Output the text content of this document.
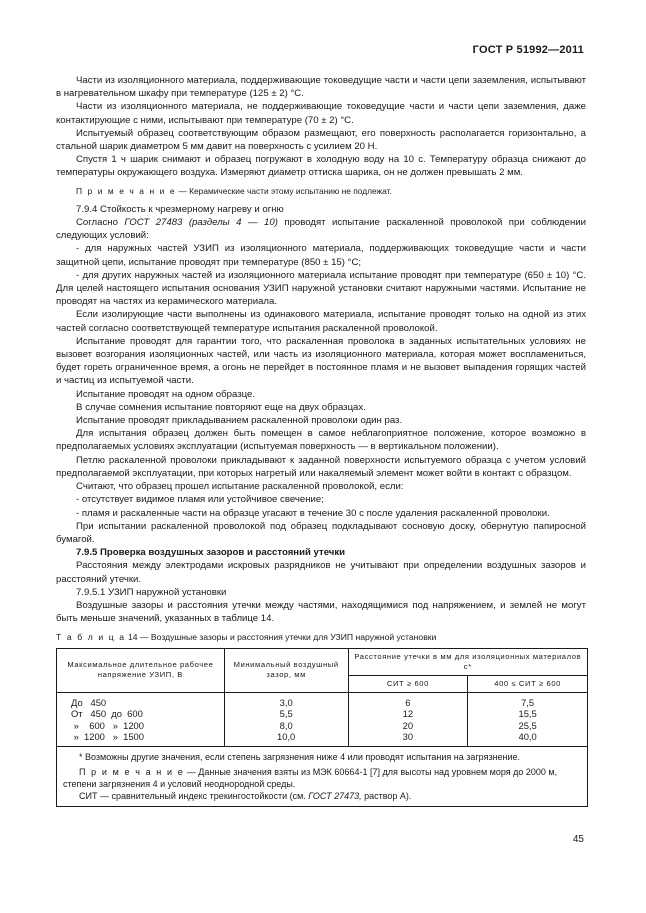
ГОСТ Р 51992—2011

Части из изоляционного материала, поддерживающие токоведущие части и части цепи заземления, испытывают в нагревательном шкафу при температуре (125 ± 2) °С.

Части из изоляционного материала, не поддерживающие токоведущие части и части цепи заземления, даже контактирующие с ними, испытывают при температуре (70 ± 2) °С.

Испытуемый образец соответствующим образом размещают, его поверхность располагается горизонтально, а стальной шарик диаметром 5 мм давит на поверхность с усилием 20 Н.

Спустя 1 ч шарик снимают и образец погружают в холодную воду на 10 с. Температуру образца снижают до температуры окружающего воздуха. Измеряют диаметр оттиска шарика, он не должен превышать 2 мм.

П р и м е ч а н и е — Керамические части этому испытанию не подлежат.

7.9.4 Стойкость к чрезмерному нагреву и огню

Согласно ГОСТ 27483 (разделы 4 — 10) проводят испытание раскаленной проволокой при соблюдении следующих условий:

- для наружных частей УЗИП из изоляционного материала, поддерживающих токоведущие части и части защитной цепи, испытание проводят при температуре (850 ± 15) °С;

- для других наружных частей из изоляционного материала испытание проводят при температуре (650 ± 10) °С. Для целей настоящего испытания основания УЗИП наружной установки считают наружными частями. Испытание не проводят на частях из керамического материала.

Если изолирующие части выполнены из одинакового материала, испытание проводят только на одной из этих частей согласно соответствующей температуре испытания раскаленной проволокой.

Испытание проводят для гарантии того, что раскаленная проволока в заданных испытательных условиях не вызовет возгорания изоляционных частей, или часть из изоляционного материала, которая может воспламениться, будет гореть ограниченное время, а огонь не перейдет в постоянное пламя и не вызовет выпадения горящих частей и частиц из испытуемой части.

Испытание проводят на одном образце.

В случае сомнения испытание повторяют еще на двух образцах.

Испытание проводят прикладыванием раскаленной проволоки один раз.

Для испытания образец должен быть помещен в самое неблагоприятное положение, которое возможно в предполагаемых условиях эксплуатации (испытуемая поверхность — в вертикальном положении).

Петлю раскаленной проволоки прикладывают к заданной поверхности испытуемого образца с учетом условий предполагаемой эксплуатации, при которых нагретый или накаляемый элемент может войти в контакт с образцом.

Считают, что образец прошел испытание раскаленной проволокой, если:

- отсутствует видимое пламя или устойчивое свечение;

- пламя и раскаленные части на образце угасают в течение 30 с после удаления раскаленной проволоки.

При испытании раскаленной проволокой под образец подкладывают сосновую доску, обернутую папиросной бумагой.

7.9.5 Проверка воздушных зазоров и расстояний утечки

Расстояния между электродами искровых разрядников не учитывают при определении воздушных зазоров и расстояний утечки.

7.9.5.1 УЗИП наружной установки

Воздушные зазоры и расстояния утечки между частями, находящимися под напряжением, и землей не могут быть меньше значений, указанных в таблице 14.

Т а б л и ц а 14 — Воздушные зазоры и расстояния утечки для УЗИП наружной установки

Максимальное длительное рабочее напряжение УЗИП, В	Минимальный воздушный зазор, мм	Расстояние утечки в мм для изоляционных материалов с*	
		СИТ ≥ 600	400 ≤ СИТ ≥ 600
До   450	3,0	6	7,5
От   450  до  600	5,5	12	15,5
»    600   »  1200	8,0	20	25,5
»  1200   »  1500	10,0	30	40,0

* Возможны другие значения, если степень загрязнения ниже 4 или проводят испытания на загрязнение.
П р и м е ч а н и е — Данные значения взяты из МЭК 60664-1 [7] для высоты над уровнем моря до 2000 м, степени загрязнения 4 и условий неоднородной среды.
СИТ — сравнительный индекс трекингостойкости (см. ГОСТ 27473, раствор А).			
45
